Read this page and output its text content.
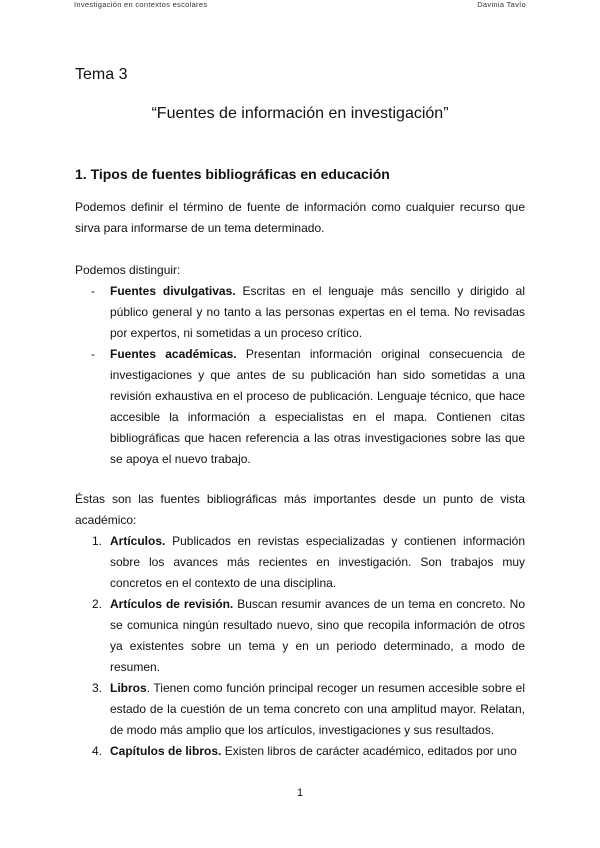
Investigación en contextos escolares	Davinia Tavío
Tema 3
“Fuentes de información en investigación”
1. Tipos de fuentes bibliográficas en educación
Podemos definir el término de fuente de información como cualquier recurso que sirva para informarse de un tema determinado.
Podemos distinguir:
- Fuentes divulgativas. Escritas en el lenguaje más sencillo y dirigido al público general y no tanto a las personas expertas en el tema. No revisadas por expertos, ni sometidas a un proceso crítico.
- Fuentes académicas. Presentan información original consecuencia de investigaciones y que antes de su publicación han sido sometidas a una revisión exhaustiva en el proceso de publicación. Lenguaje técnico, que hace accesible la información a especialistas en el mapa. Contienen citas bibliográficas que hacen referencia a las otras investigaciones sobre las que se apoya el nuevo trabajo.
Éstas son las fuentes bibliográficas más importantes desde un punto de vista académico:
1. Artículos. Publicados en revistas especializadas y contienen información sobre los avances más recientes en investigación. Son trabajos muy concretos en el contexto de una disciplina.
2. Artículos de revisión. Buscan resumir avances de un tema en concreto. No se comunica ningún resultado nuevo, sino que recopila información de otros ya existentes sobre un tema y en un periodo determinado, a modo de resumen.
3. Libros. Tienen como función principal recoger un resumen accesible sobre el estado de la cuestión de un tema concreto con una amplitud mayor. Relatan, de modo más amplio que los artículos, investigaciones y sus resultados.
4. Capítulos de libros. Existen libros de carácter académico, editados por uno
1
